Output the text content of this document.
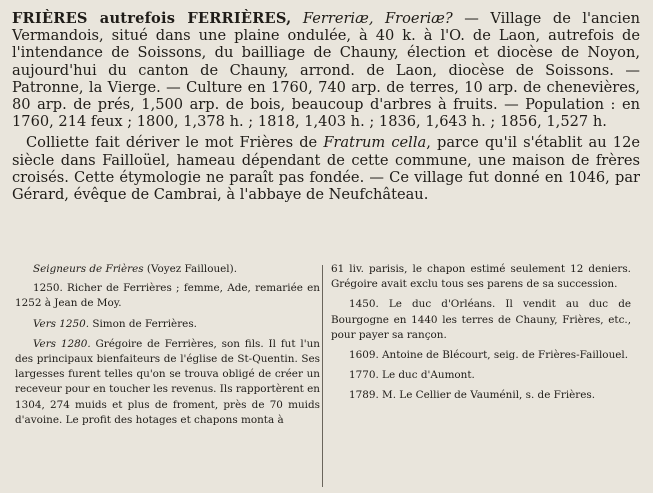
FRIÈRES autrefois FERRIÈRES, Ferreriæ, Froeriæ? — Village de l'ancien Vermandois, situé dans une plaine ondulée, à 40 k. à l'O. de Laon, autrefois de l'intendance de Soissons, du bailliage de Chauny, élection et diocèse de Noyon, aujourd'hui du canton de Chauny, arrond. de Laon, diocèse de Soissons. — Patronne, la Vierge. — Culture en 1760, 740 arp. de terres, 10 arp. de chenevières, 80 arp. de prés, 1,500 arp. de bois, beaucoup d'arbres à fruits. — Population : en 1760, 214 feux ; 1800, 1,378 h. ; 1818, 1,403 h. ; 1836, 1,643 h. ; 1856, 1,527 h.

Colliette fait dériver le mot Frières de Fratrum cella, parce qu'il s'établit au 12e siècle dans Failloüel, hameau dépendant de cette commune, une maison de frères croisés. Cette étymologie ne paraît pas fondée. — Ce village fut donné en 1046, par Gérard, évêque de Cambrai, à l'abbaye de Neufchâteau.

Seigneurs de Frières (Voyez Faillouel).

1250. Richer de Ferrières ; femme, Ade, remariée en 1252 à Jean de Moy.

Vers 1250. Simon de Ferrières.

Vers 1280. Grégoire de Ferrières, son fils. Il fut l'un des principaux bienfaiteurs de l'église de St-Quentin. Ses largesses furent telles qu'on se trouva obligé de créer un receveur pour en toucher les revenus. Ils rapportèrent en 1304, 274 muids et plus de froment, près de 70 muids d'avoine. Le profit des hotages et chapons monta à

61 liv. parisis, le chapon estimé seulement 12 deniers. Grégoire avait exclu tous ses parens de sa succession.

1450. Le duc d'Orléans. Il vendit au duc de Bourgogne en 1440 les terres de Chauny, Frières, etc., pour payer sa rançon.

1609. Antoine de Blécourt, seig. de Frières-Faillouel.

1770. Le duc d'Aumont.

1789. M. Le Cellier de Vauménil, s. de Frières.
